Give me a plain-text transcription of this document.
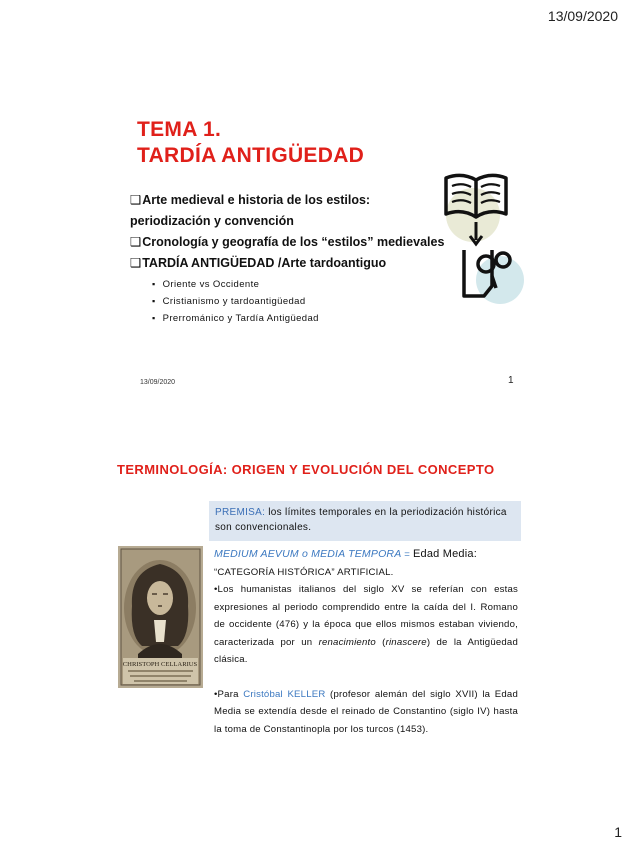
13/09/2020
TEMA 1.
TARDÍA ANTIGÜEDAD
❑Arte medieval e historia de los estilos:
periodización y convención
❑Cronología y geografía de los “estilos” medievales
❑TARDÍA ANTIGÜEDAD /Arte tardoantiguo
▪ Oriente vs Occidente
▪ Cristianismo y tardoantigüedad
▪ Prerrománico y Tardía Antigüedad
13/09/2020	1
TERMINOLOGÍA: ORIGEN Y EVOLUCIÓN DEL CONCEPTO
PREMISA: los límites temporales en la periodización histórica son convencionales.
CHRISTOPH CELLARIUS

MEDIUM AEVUM o MEDIA TEMPORA = Edad Media:

“CATEGORÍA HISTÓRICA” ARTIFICIAL.

•Los humanistas italianos del siglo XV se referían con estas expresiones al periodo comprendido entre la caída del I. Romano de occidente (476) y la época que ellos mismos estaban viviendo, caracterizada por un renacimiento (rinascere) de la Antigüedad clásica.

•Para Cristóbal KELLER (profesor alemán del siglo XVII) la Edad Media se extendía desde el reinado de Constantino (siglo IV) hasta la toma de Constantinopla por los turcos (1453).

1
